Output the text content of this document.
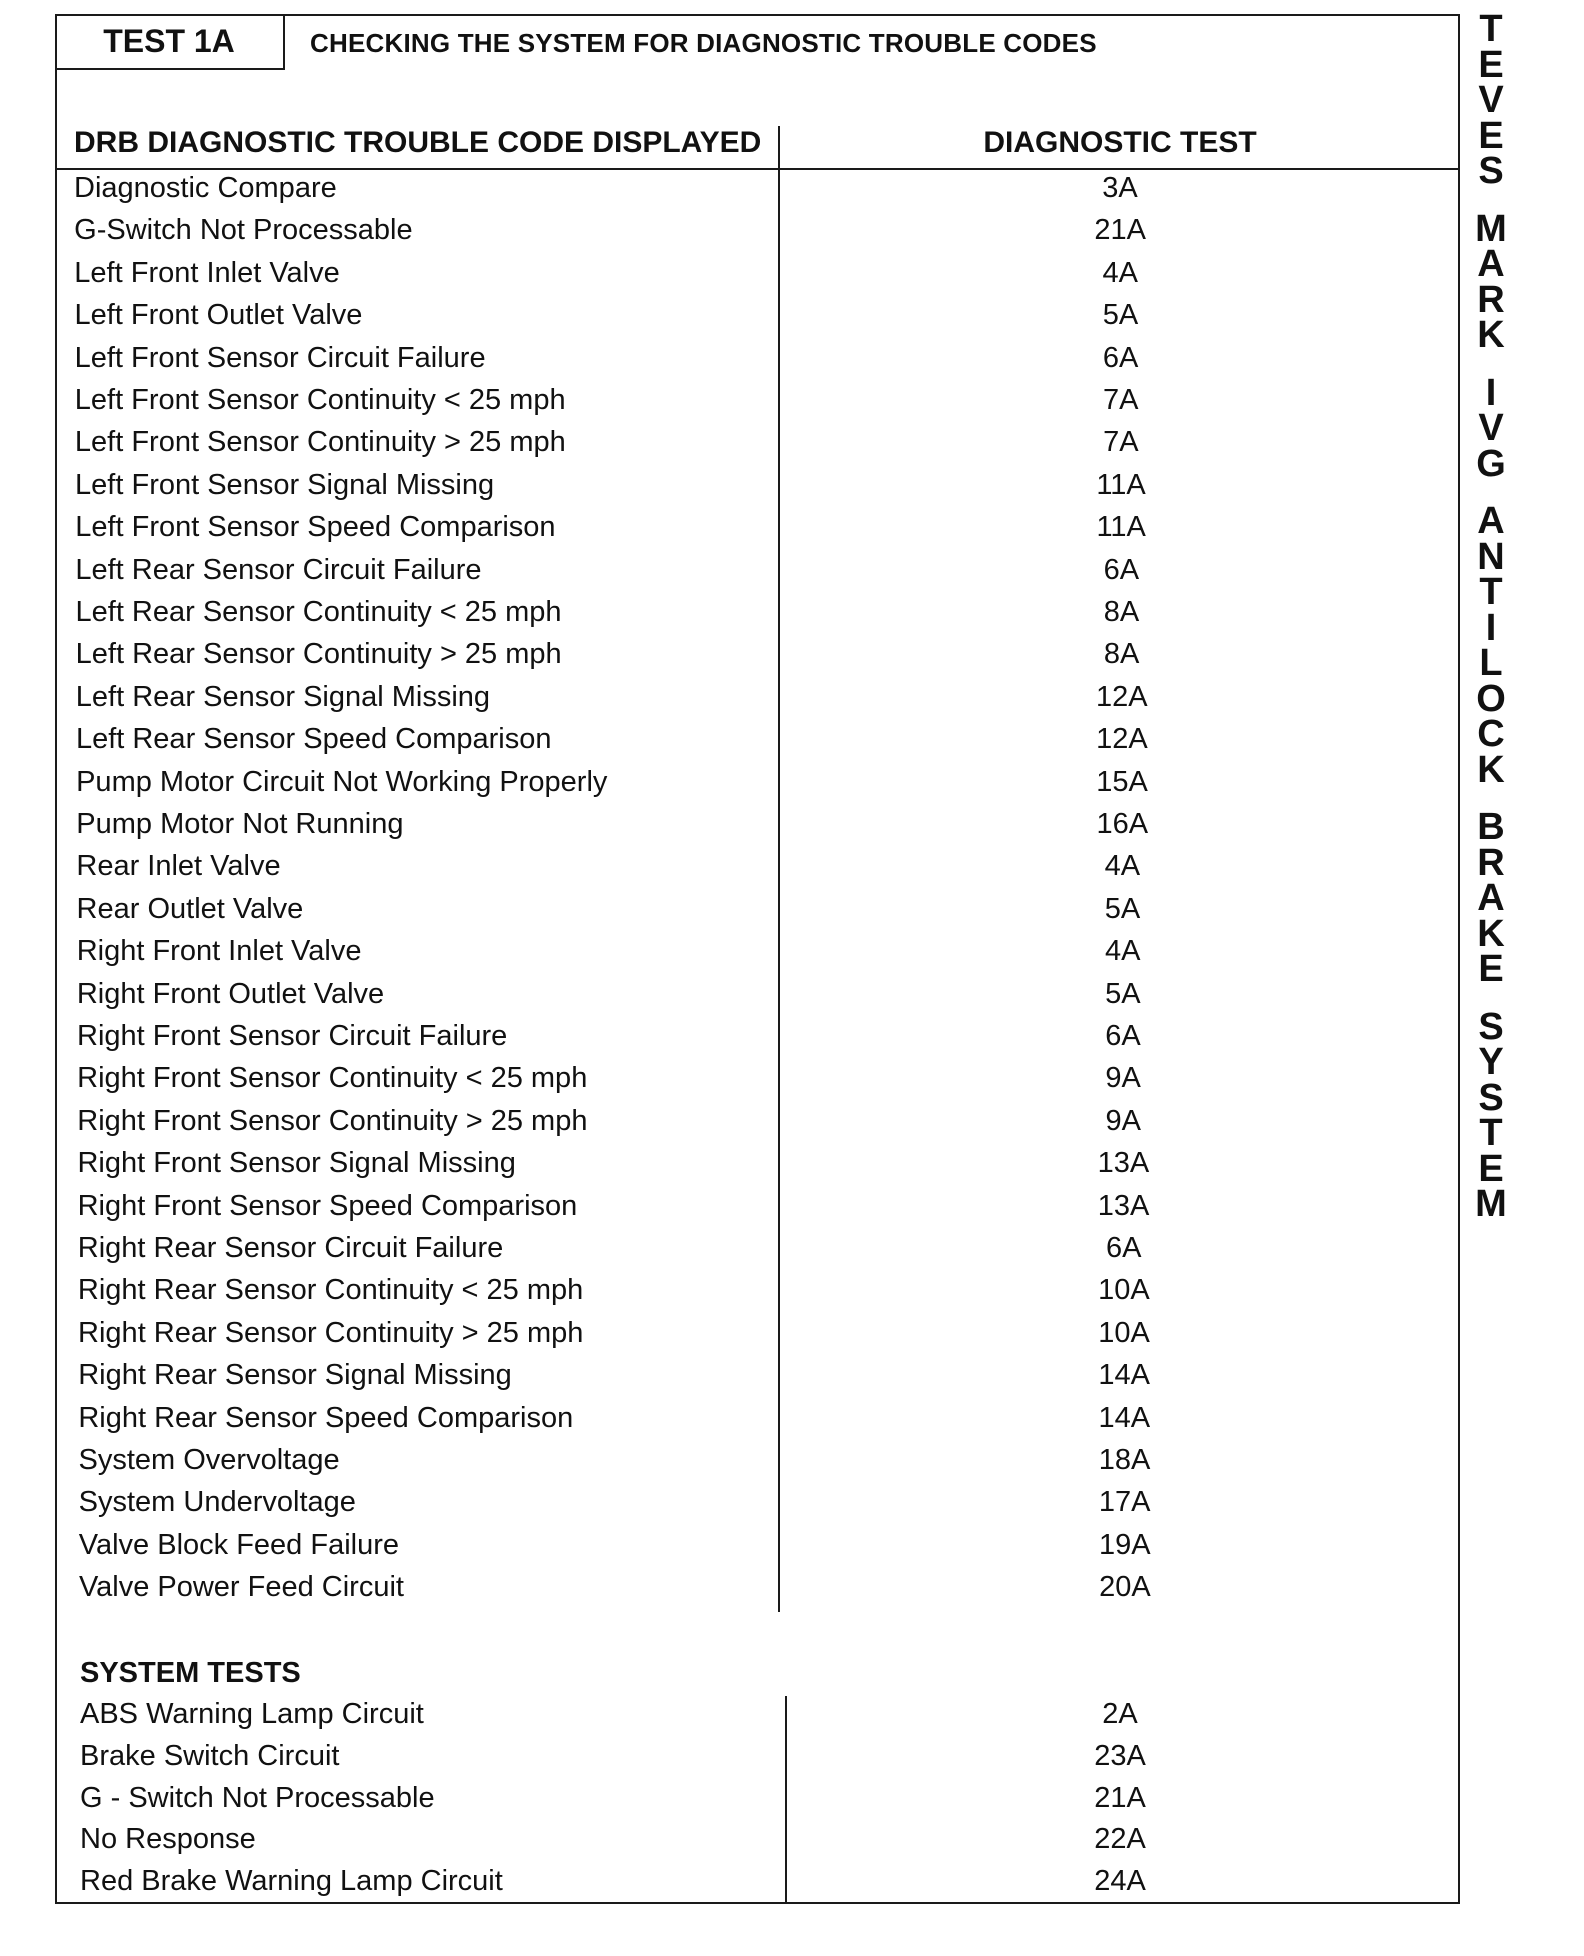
TEST 1A	CHECKING THE SYSTEM FOR DIAGNOSTIC TROUBLE CODES
DRB DIAGNOSTIC TROUBLE CODE DISPLAYED	DIAGNOSTIC TEST
Diagnostic Compare	3A
G-Switch Not Processable	21A
Left Front Inlet Valve	4A
Left Front Outlet Valve	5A
Left Front Sensor Circuit Failure	6A
Left Front Sensor Continuity < 25 mph	7A
Left Front Sensor Continuity > 25 mph	7A
Left Front Sensor Signal Missing	11A
Left Front Sensor Speed Comparison	11A
Left Rear Sensor Circuit Failure	6A
Left Rear Sensor Continuity < 25 mph	8A
Left Rear Sensor Continuity > 25 mph	8A
Left Rear Sensor Signal Missing	12A
Left Rear Sensor Speed Comparison	12A
Pump Motor Circuit Not Working Properly	15A
Pump Motor Not Running	16A
Rear Inlet Valve	4A
Rear Outlet Valve	5A
Right Front Inlet Valve	4A
Right Front Outlet Valve	5A
Right Front Sensor Circuit Failure	6A
Right Front Sensor Continuity < 25 mph	9A
Right Front Sensor Continuity > 25 mph	9A
Right Front Sensor Signal Missing	13A
Right Front Sensor Speed Comparison	13A
Right Rear Sensor Circuit Failure	6A
Right Rear Sensor Continuity < 25 mph	10A
Right Rear Sensor Continuity > 25 mph	10A
Right Rear Sensor Signal Missing	14A
Right Rear Sensor Speed Comparison	14A
System Overvoltage	18A
System Undervoltage	17A
Valve Block Feed Failure	19A
Valve Power Feed Circuit	20A
SYSTEM TESTS
ABS Warning Lamp Circuit	2A
Brake Switch Circuit	23A
G - Switch Not Processable	21A
No Response	22A
Red Brake Warning Lamp Circuit	24A
T
E
V
E
S
M
A
R
K
I
V
G
A
N
T
I
L
O
C
K
B
R
A
K
E
S
Y
S
T
E
M
